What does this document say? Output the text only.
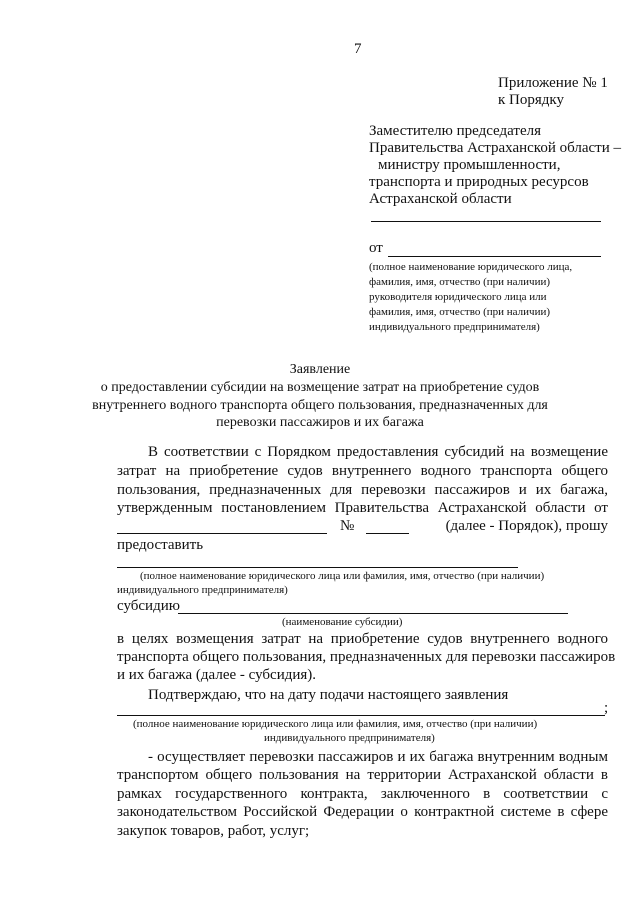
7
Приложение № 1
к Порядку
Заместителю председателя
Правительства Астраханской области –
министру промышленности,
транспорта и природных ресурсов
Астраханской области
от
(полное наименование юридического лица,
фамилия, имя, отчество (при наличии)
руководителя юридического лица или
фамилия, имя, отчество (при наличии)
индивидуального предпринимателя)
Заявление
о предоставлении субсидии на возмещение затрат на приобретение судов
внутреннего водного транспорта общего пользования, предназначенных для
перевозки пассажиров и их багажа
В соответствии с Порядком предоставления субсидий на возмещение
затрат на приобретение судов внутреннего водного транспорта общего
пользования, предназначенных для перевозки пассажиров и их багажа,
утвержденным постановлением Правительства Астраханской области от
№	(далее - Порядок), прошу
предоставить
(полное наименование юридического лица или фамилия, имя, отчество (при наличии)
индивидуального предпринимателя)
субсидию
(наименование субсидии)
в целях возмещения затрат на приобретение судов внутреннего водного
транспорта общего пользования, предназначенных для перевозки пассажиров
и их багажа (далее - субсидия).
Подтверждаю, что на дату подачи настоящего заявления
;
(полное наименование юридического лица или фамилия, имя, отчество (при наличии)
индивидуального предпринимателя)
- осуществляет перевозки пассажиров и их багажа внутренним водным
транспортом общего пользования на территории Астраханской области в
рамках государственного контракта, заключенного в соответствии с
законодательством Российской Федерации о контрактной системе в сфере
закупок товаров, работ, услуг;
